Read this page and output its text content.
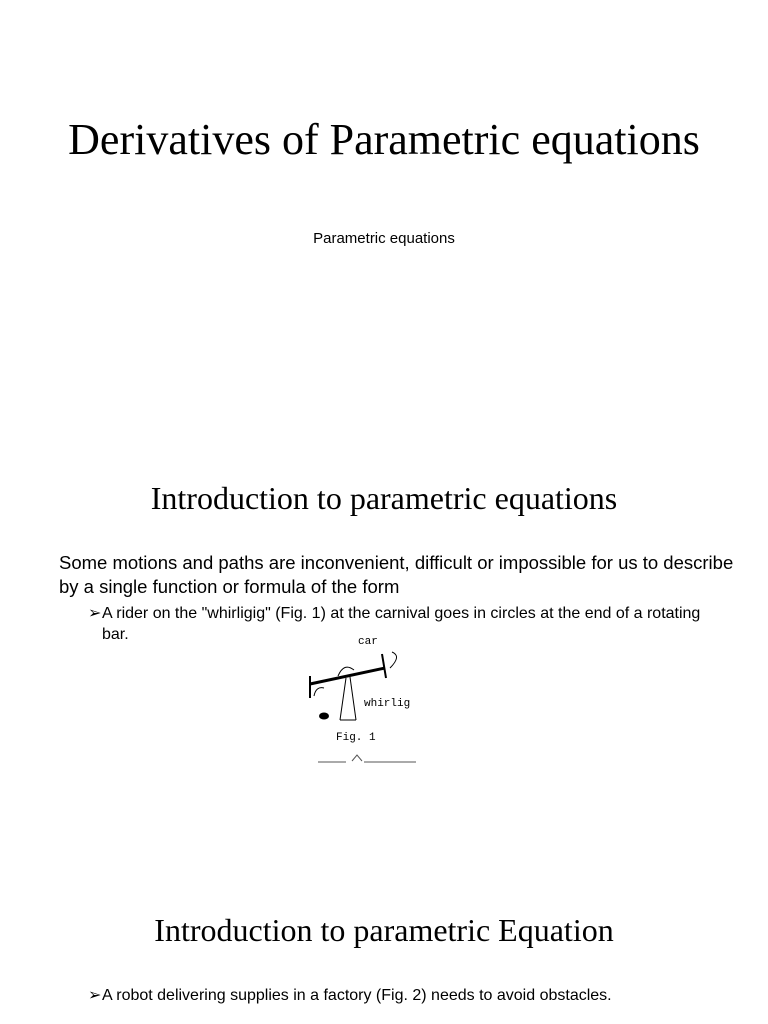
Derivatives of Parametric equations
Parametric equations
Introduction to parametric equations
Some motions and paths are inconvenient, difficult or impossible for us to describe by a single function or formula of the form
➢ A rider on the "whirligig" (Fig. 1) at the carnival goes in circles at the end of a rotating bar.	car
whirlig
Fig. 1
Introduction to parametric Equation
➢ A robot delivering supplies in a factory (Fig. 2) needs to avoid obstacles.
